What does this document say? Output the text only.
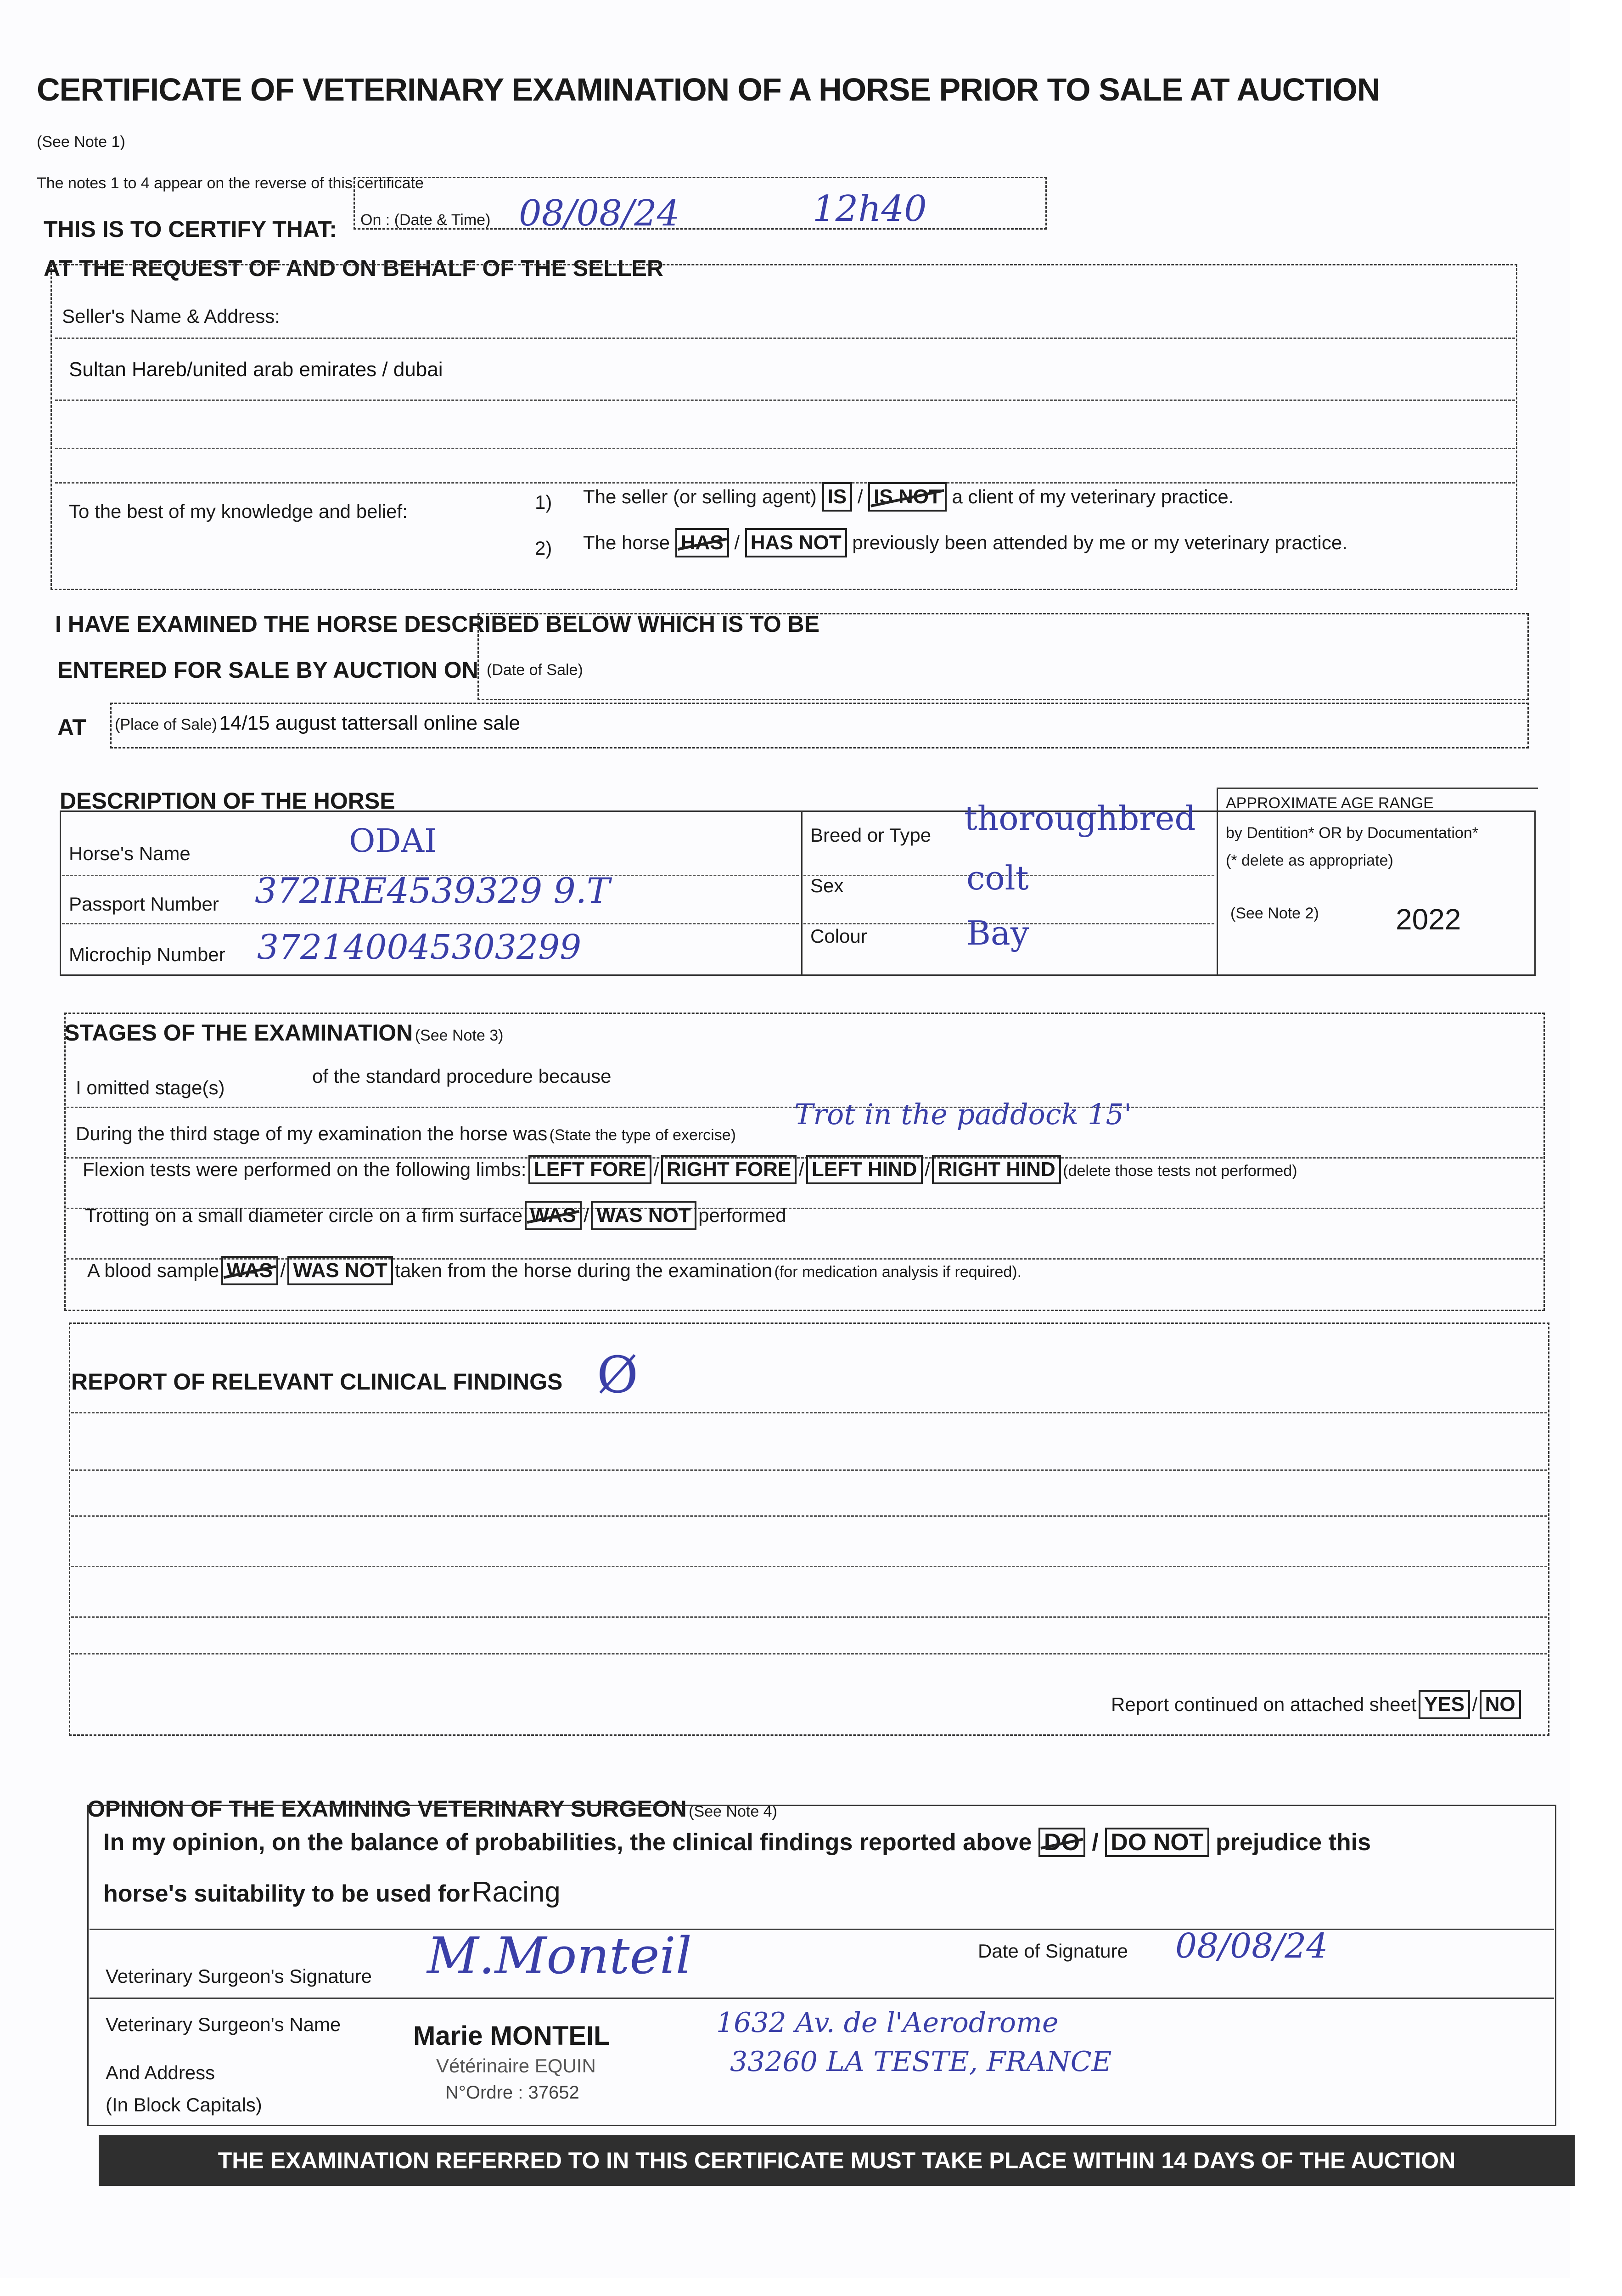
CERTIFICATE OF VETERINARY EXAMINATION OF A HORSE PRIOR TO SALE AT AUCTION
(See Note 1)
The notes 1 to 4 appear on the reverse of this certificate
THIS IS TO CERTIFY THAT: On : (Date & Time) 08/08/24	12h40
AT THE REQUEST OF AND ON BEHALF OF THE SELLER
Seller's Name & Address:
Sultan Hareb/united arab emirates / dubai
To the best of my knowledge and belief:	1) The seller (or selling agent) IS / IS NOT a client of my veterinary practice.
2) The horse HAS / HAS NOT previously been attended by me or my veterinary practice.
I HAVE EXAMINED THE HORSE DESCRIBED BELOW WHICH IS TO BE
ENTERED FOR SALE BY AUCTION ON (Date of Sale)
AT (Place of Sale) 14/15 august tattersall online sale
DESCRIPTION OF THE HORSE
Horse's Name	ODAI
Passport Number 372IRE4539329 9.T
Microchip Number 372140045303299
Breed or Type thoroughbred
Sex	colt
Colour	Bay
APPROXIMATE AGE RANGE
by Dentition* OR by Documentation*
(* delete as appropriate)
(See Note 2)	2022
STAGES OF THE EXAMINATION (See Note 3)
I omitted stage(s)
of the standard procedure because
During the third stage of my examination the horse was (State the type of exercise)
Trot in the paddock 15'
Flexion tests were performed on the following limbs: LEFT FORE / RIGHT FORE / LEFT HIND / RIGHT HIND (delete those tests not performed)
Trotting on a small diameter circle on a firm surface WAS / WAS NOT performed
A blood sample WAS / WAS NOT taken from the horse during the examination (for medication analysis if required).
REPORT OF RELEVANT CLINICAL FINDINGS Ø
Report continued on attached sheet YES / NO
OPINION OF THE EXAMINING VETERINARY SURGEON (See Note 4)
In my opinion, on the balance of probabilities, the clinical findings reported above DO / DO NOT prejudice this
horse's suitability to be used for Racing
Veterinary Surgeon's Signature M.Monteil	Date of Signature 08/08/24
Veterinary Surgeon's Name
And Address
(In Block Capitals)
Marie MONTEIL
Vétérinaire EQUIN
N°Ordre : 37652
1632 Av. de l'Aerodrome
33260 LA TESTE, FRANCE
THE EXAMINATION REFERRED TO IN THIS CERTIFICATE MUST TAKE PLACE WITHIN 14 DAYS OF THE AUCTION
